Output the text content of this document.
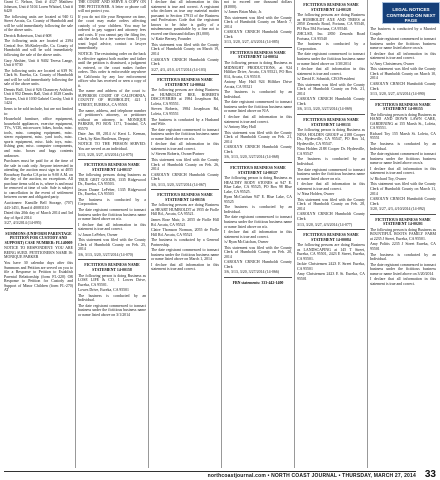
Grant C. Nelson, Unit # 4127 Matthew Johnson, Unit # 5104 Loren Whitsel, Unit # 6420

The following units are located at 940 G Street Arcata, Ca. County of Humboldt and will be sold immediately following the sale of the above units.

Derrick Robertson, Unit # 608

The following units are located at 2394 Central Ave. McKinleyville, Ca. County of Humboldt and will be sold immediately following the sale of the above units.

Gary Abshier, Unit # 9402 Teresa Lange, Unit # 9730

The following units are located at 639 W. Clark St. Eureka, Ca. County of Humboldt and will be sold immediately following the sale of the above units.

Dennis Ball, Unit # 926 Chauncey Ashford, Unit # 952 Dennis Ball, Unit # 1028 Candis Tavares, Unit # 1030 Gabriel Crosby, Unit # 1424

Items to be sold include, but are not limited to:

Household furniture, office equipment, household appliances, exercise equipment, TVs, VCR, microwave, bikes, books, misc. tools, misc. camping equipment, misc. stereo equipment, misc. yard tools, misc. sports equipment, misc. kids toys, misc. fishing gear, misc. computer components, and misc. boxes and bags contents unknown.

Purchases must be paid for at the time of the sale in cash only. Anyone interested in attending the auction must sign in at 4055 Broadway Eureka CA prior to 9:00 A.M. on the day of the auction, no exceptions. All purchase items sold as is, where is and must be removed at time of sale. Sale is subject to cancellation in the event of settlement between owner and obligated party.

Auctioneer: Kamille Bell Storage, (707) 443-1451, Bond # 40083110

Dated this 20th day of March 2014 and 3rd day of April 2014

3/27, 4/3/2014 (14-095)

SUMMONS (UNIFORM PARENTAGE PETITION FOR CUSTODY AND SUPPORT) CASE NUMBER: FL140009

NOTICE TO RESPONDENT: YOU ARE BEING SUED. PETITIONER'S NAME IS: MONIQUE PARKER

You have 30 calendar days after this Summons and Petition are served on you to file a Response to Petition to Establish Parental Relationship (form FL-220) OR Response to Petition for Custody and Support of Minor Children (form FL-270) AT

THE COURT AND SERVE A COPY ON THE PETITIONER. A letter or phone call will not protect you.

If you do not file your Response on time, the court may make orders affecting custody of your children. You may be ordered to pay support and attorney fees and costs. If you cannot pay the filing fee, ask the clerk for a fee waiver form. If you want legal advice, contact a lawyer immediately.

NOTICE: The restraining order on the back is effective against both mother and father until the petition is dismissed, a judgment is entered, or the court makes further orders. This order is enforceable anywhere in California by any law enforcement officer who has received or seen a copy of it.

The name and address of the court is: SUPERIOR COURT OF CALIFORNIA, COUNTY OF HUMBOLDT, 421 I STREET, EUREKA, CA 95501

The name, address, and telephone number of petitioner's attorney, or petitioner without an attorney, is: MONIQUE PARKER, PO BOX 1171, Trinidad, CA 95570

Date: Jan. 08, 2014 /s/ Kerri L. Keenan, Clerk, by Kim Bartleson, Deputy

NOTICE TO THE PERSON SERVED: You are served as an individual.

3/13, 3/20, 3/27, 4/3/2014 (14-075)

FICTITIOUS BUSINESS NAME STATEMENT 14-00137

The following persons doing business as TRUE GRIT GOODS, 1335 Ridgewood Dr., Eureka, CA 95503.

Jason Duane LeFeber, 1335 Ridgewood Dr., Eureka, CA 95503

The business is conducted by a Corporation.

The date registrant commenced to transact business under the fictitious business name or name listed above on n/a.

I declare that all information in this statement is true and correct.

/s/ Jason LeFeber, Owner

This statement was filed with the County Clerk of Humboldt County on Feb. 25, 2014

3/6, 3/13, 3/20, 3/27/2014 (14-070)

FICTITIOUS BUSINESS NAME STATEMENT 14-00158

The following person is doing Business as LOSE LIFE & CO, 1 Lowes Drive, Eureka, CA 95501.

Lowes Drive, Eureka, CA 95501

The business is conducted by an Individual.

The date registrant commenced to transact business under the fictitious business name or name listed above on 3/1/2014

I declare that all information in this statement is true and correct. A registrant who declares as true any material matter pursuant to Section 17913 of the Business and Professions Code that the registrant knows to be false is guilty of a misdemeanor punishable by a fine not to exceed one thousand dollars ($1,000).

/s/ Katie Berney, Founder

This statement was filed with the County Clerk of Humboldt County on March 19, 2014

CAROLYN CRNICH Humboldt County Clerk

3/27, 4/3, 4/10, 4/17/2014 (14-103)

FICTITIOUS BUSINESS NAME STATEMENT 14-00044

The following persons are doing Business as HUMBOLDT BEE, ROBERTS DISCOVERIES at 1984 Josephson Rd, Loleta, CA 95551.

Steven Roberts, 1984 Josephson Rd, Loleta, CA 95551

The business is conducted by a Husband and Wife.

The date registrant commenced to transact business under the fictitious business name or name listed above on n/a.

I declare that all information in this statement is true and correct.

/s/ Steven Roberts, Owner/Partner

This statement was filed with the County Clerk of Humboldt County on Feb. 26, 2014

CAROLYN CRNICH Humboldt County Clerk

3/6, 3/13, 3/20, 3/27/2014 (14-067)

FICTITIOUS BUSINESS NAME STATEMENT 14-00156

The following persons are doing Business as HEART HUMBOLDT at 1955 de Fiolle Hill Rd., Arcata, CA 95521.

James Rose Muir, Jr. 2055 de Fiolle Hill Rd. Arcata, CA 95521

Claire Thomson Norman, 2055 de Fiolle Hill Rd. Arcata, CA 95521

The business is conducted by a General Partnership.

The date registrant commenced to transact business under the fictitious business name or name listed above on March 1, 2014

I declare that all information in this statement is true and correct.

not to exceed one thousand dollars ($1000).

/s/ James Brian Muir, Jr.

This statement was filed with the County Clerk of Humboldt County on March 7, 2014

CAROLYN CRNICH Humboldt County Clerk

3/13, 3/20, 3/27, 4/3/2014 (14-085)

FICTITIOUS BUSINESS NAME STATEMENT 14-00034

The following person is doing Business as MIDNIGHT PRODUCTIONS, at 924 Hilfiker Drive, Arcata, CA 95521, PO Box 814, Arcata, CA 95518.

Antony May Hall 924 Hilfiker Drive Arcata, CA 95521

The business is conducted by an Individual.

The date registrant commenced to transact business under the fictitious business name or name listed above on N/A

I declare that all information in this statement is true and correct.

/s/ Antony May Hall

This statement was filed with the County Clerk of Humboldt County on Feb. 21, 2014

CAROLYN CRNICH Humboldt County Clerk

3/6, 3/13, 3/20, 3/27/2014 (14-068)

FICTITIOUS BUSINESS NAME STATEMENT 14-00127

The following person is doing Business as HEALTHY BODY STONES at 947 E. Blue Lake, CA 95525, PO Box 98 Blue Lake, CA 95525.

Ryan McCutchan 947 E. Blue Lake, CA 95525

The business is conducted by an Individual.

The date registrant commenced to transact business under the fictitious business name or name listed above on n/a.

I declare that all information in this statement is true and correct.

/s/ Ryan McCutchan, Owner

This statement was filed with the County Clerk of Humboldt County on Feb. 20, 2014

CAROLYN CRNICH Humboldt County Clerk

3/6, 3/13, 3/20, 3/27/2014 (14-066)

FBN statements: 333-442-1400

FICTITIOUS BUSINESS NAME STATEMENT 14-00128

The following persons are doing Business as HUMBOLDT AXE AND TREES at 2850 Zenonfa Road, Fortuna, CA 95540, PO Box 584 Fortuna, CA 95540.

ZHCLSD, Inc. 2850 Zenonfa Road Fortuna, CA 95540

The business is conducted by a Corporation.

The date registrant commenced to transact business under the fictitious business name or name listed above on 1/30/2014

I declare that all information in this statement is true and correct.

/s/ David E. Schmidt, CEO/President

This statement was filed with the County Clerk of Humboldt County on Feb. 21, 2014

CAROLYN CRNICH Humboldt County Clerk

3/6, 3/13, 3/20, 3/27/2014 (14-069)

FICTITIOUS BUSINESS NAME STATEMENT 14-00131

The following person is doing Business as NINA HOLDEN GROUP at 2188 Cooper Dr., Hydesville, CA 95547, PO Box 14, Hydesville, CA 95547.

Nina Holden 2188 Cooper Dr. Hydesville, CA 95547

The business is conducted by an Individual.

The date registrant commenced to transact business under the fictitious business name or name listed above on n/a.

I declare that all information in this statement is true and correct.

/s/ Nina Holden, Owner

This statement was filed with the County Clerk of Humboldt County on Feb. 28, 2014

CAROLYN CRNICH Humboldt County Clerk

3/13, 3/20, 3/27, 4/3/2014 (14-077)

FICTITIOUS BUSINESS NAME STATEMENT 14-00084

The following persons are doing Business as LANDSCAPING at 145 T Street, Eureka, CA 95501, 2423 E Street, Eureka, CA 95501.

Jackie Christensen 2423 E Street Eureka, CA 95501

Amy Christensen 2423 E St. Eureka, CA 95501

The business is conducted by a Married Couple.

The date registrant commenced to transact business under the fictitious business name or name listed above on n/a.

I declare that all information in this statement is true and correct.

/s/ Amy Christensen, Owner

This statement was filed with the County Clerk of Humboldt County on March 10, 2014

CAROLYN CRNICH Humboldt County Clerk

3/13, 3/20, 3/27, 4/3/2014 (14-090)

FICTITIOUS BUSINESS NAME STATEMENT 14-00155

The following person is doing Business as HAND AND DOWN LAWN CARE, GARDENING at 155 Marsh St., Loleta, CA 95551.

Richard Toy 155 Marsh St. Loleta, CA 95551

The business is conducted by an Individual.

The date registrant commenced to transact business under the fictitious business name or name listed above on n/a.

I declare that all information in this statement is true and correct.

/s/ Richard Toy, Owner

This statement was filed with the County Clerk of Humboldt County on March 11, 2014

CAROLYN CRNICH Humboldt County Clerk

3/20, 3/27, 4/3, 4/10/2014 (14-092)

FICTITIOUS BUSINESS NAME STATEMENT 14-00201

The following person is doing Business as BOUNTIFUL ROOTS FAMILY FARM at 2235 J Street, Eureka, CA 95501.

Amy Politis 2235 J Street Eureka, CA 95501

The business is conducted by an Individual.

The date registrant commenced to transact business under the fictitious business name or name listed above on 3/20/2014

I declare that all information in this statement is true and correct.

LEGAL NOTICES
CONTINUED ON NEXT PAGE
northcoastjournal.com • NORTH COAST JOURNAL • THURSDAY, MARCH 27, 2014 33
